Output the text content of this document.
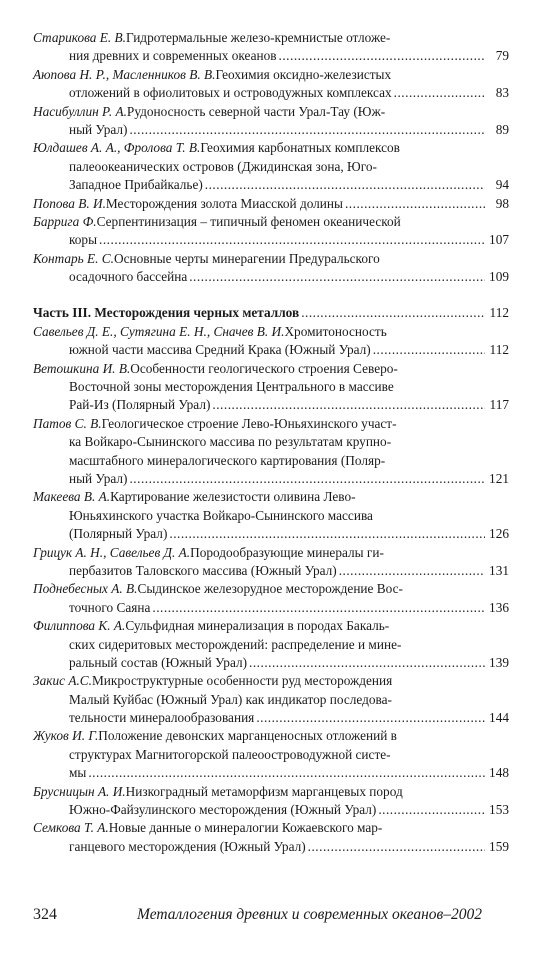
Старикова Е. В. Гидротермальные железо-кремнистые отложе-
ния древних и современных океанов .....	79
Аюпова Н. Р., Масленников В. В. Геохимия оксидно-железистых
отложений в офиолитовых и островодужных комплексах .....	83
Насибуллин Р. А. Рудоносность северной части Урал-Тау (Юж-
ный Урал) .....	89
Юлдашев А. А., Фролова Т. В. Геохимия карбонатных комплексов
палеоокеанических островов (Джидинская зона, Юго-
Западное Прибайкалье) .....	94
Попова В. И. Месторождения золота Миасской долины .....	98
Баррига Ф. Серпентинизация – типичный феномен океанической
коры .....	107
Контарь Е. С. Основные черты минерагении Предуральского
осадочного бассейна .....	109
Часть III. Месторождения черных металлов .....	112
Савельев Д. Е., Сутягина Е. Н., Сначев В. И. Хромитоносность
южной части массива Средний Крака (Южный Урал) .....	112
Ветошкина И. В. Особенности геологического строения Северо-
Восточной зоны месторождения Центрального в массиве
Рай-Из (Полярный Урал) .....	117
Патов С. В. Геологическое строение Лево-Юньяхинского участ-
ка Войкаро-Сынинского массива по результатам крупно-
масштабного минералогического картирования (Поляр-
ный Урал) .....	121
Макеева В. А. Картирование железистости оливина Лево-
Юньяхинского участка Войкаро-Сынинского массива
(Полярный Урал) .....	126
Грицук А. Н., Савельев Д. А. Породообразующие минералы ги-
пербазитов Таловского массива (Южный Урал) .....	131
Поднебесных А. В. Сыдинское железорудное месторождение Вос-
точного Саяна .....	136
Филиппова К. А. Сульфидная минерализация в породах Бакаль-
ских сидеритовых месторождений: распределение и мине-
ральный состав (Южный Урал) .....	139
Закис А.С. Микроструктурные особенности руд месторождения
Малый Куйбас (Южный Урал) как индикатор последова-
тельности минералообразования .....	144
Жуков И. Г. Положение девонских марганценосных отложений в
структурах Магнитогорской палеоостроводужной систе-
мы .....	148
Брусницын А. И. Низкоградный метаморфизм марганцевых пород
Южно-Файзулинского месторождения (Южный Урал) .....	153
Семкова Т. А. Новые данные о минералогии Кожаевского мар-
ганцевого месторождения (Южный Урал) .....	159
324	Металлогения древних и современных океанов–2002
